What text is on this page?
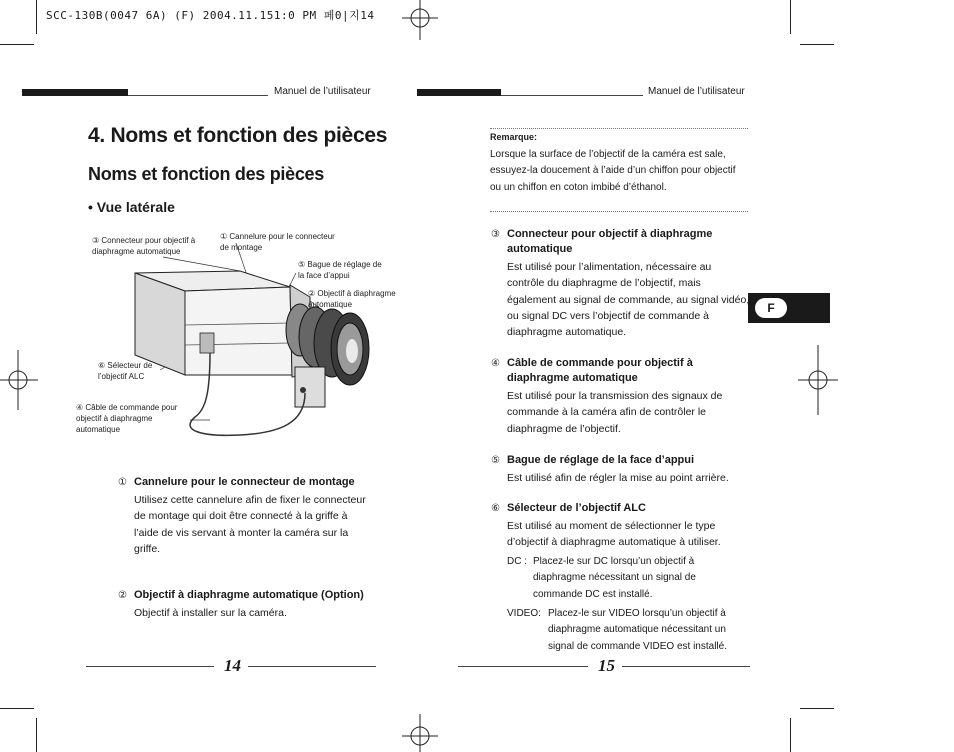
SCC-130B(0047 6A) (F) 2004.11.151:0 PM 페0|지14
Manuel de l’utilisateur
4. Noms et fonction des pièces
Noms et fonction des pièces
• Vue latérale
③ Connecteur pour objectif à diaphragme automatique
① Cannelure pour le connecteur de montage
⑤ Bague de réglage de la face d’appui
② Objectif à diaphragme automatique
⑥ Sélecteur de l’objectif ALC
④ Câble de commande pour objectif à diaphragme automatique
① Cannelure pour le connecteur de montage
Utilisez cette cannelure afin de fixer le connecteur de montage qui doit être connecté à la griffe à l’aide de vis servant à monter la caméra sur la griffe.
② Objectif à diaphragme automatique (Option)
Objectif à installer sur la caméra.
14
Manuel de l’utilisateur
Remarque:
Lorsque la surface de l’objectif de la caméra est sale, essuyez-la doucement à l’aide d’un chiffon pour objectif ou un chiffon en coton imbibé d’éthanol.
F
③ Connecteur pour objectif à diaphragme automatique
Est utilisé pour l’alimentation, nécessaire au contrôle du diaphragme de l’objectif, mais également au signal de commande, au signal vidéo, ou signal DC vers l’objectif de commande à diaphragme automatique.
④ Câble de commande pour objectif à diaphragme automatique
Est utilisé pour la transmission des signaux de commande à la caméra afin de contrôler le diaphragme de l’objectif.
⑤ Bague de réglage de la face d’appui
Est utilisé afin de régler la mise au point arrière.
⑥ Sélecteur de l’objectif ALC
Est utilisé au moment de sélectionner le type d’objectif à diaphragme automatique à utiliser.
DC : Placez-le sur DC lorsqu’un objectif à diaphragme nécessitant un signal de commande DC est installé.
VIDEO: Placez-le sur VIDEO lorsqu’un objectif à diaphragme automatique nécessitant un signal de commande VIDEO est installé.
15
